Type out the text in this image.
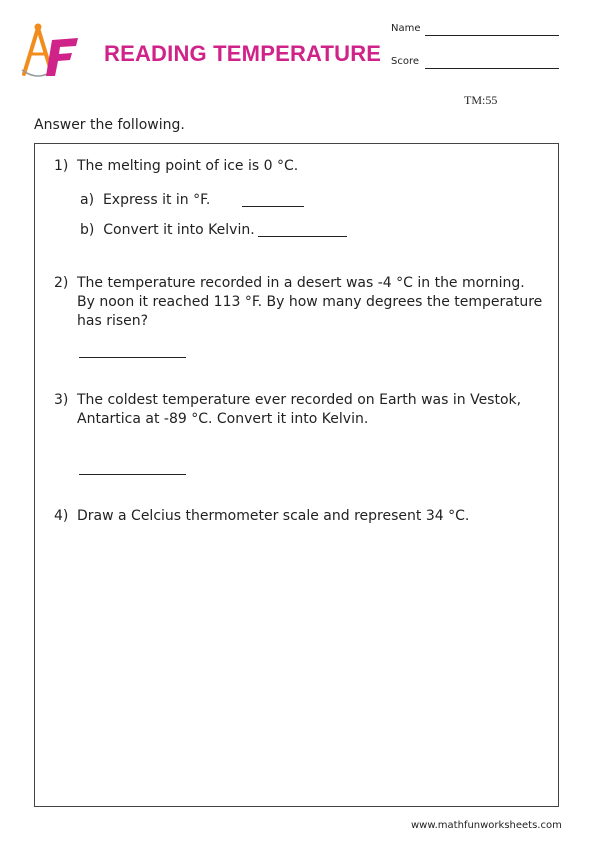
READING TEMPERATURE
Name
Score
TM:55
Answer the following.
1) The melting point of ice is 0 °C.
a) Express it in °F.
b) Convert it into Kelvin.
2) The temperature recorded in a desert was -4 °C in the morning.
By noon it reached 113 °F. By how many degrees the temperature
has risen?
3) The coldest temperature ever recorded on Earth was in Vestok,
Antartica at -89 °C. Convert it into Kelvin.
4) Draw a Celcius thermometer scale and represent 34 °C.
www.mathfunworksheets.com
